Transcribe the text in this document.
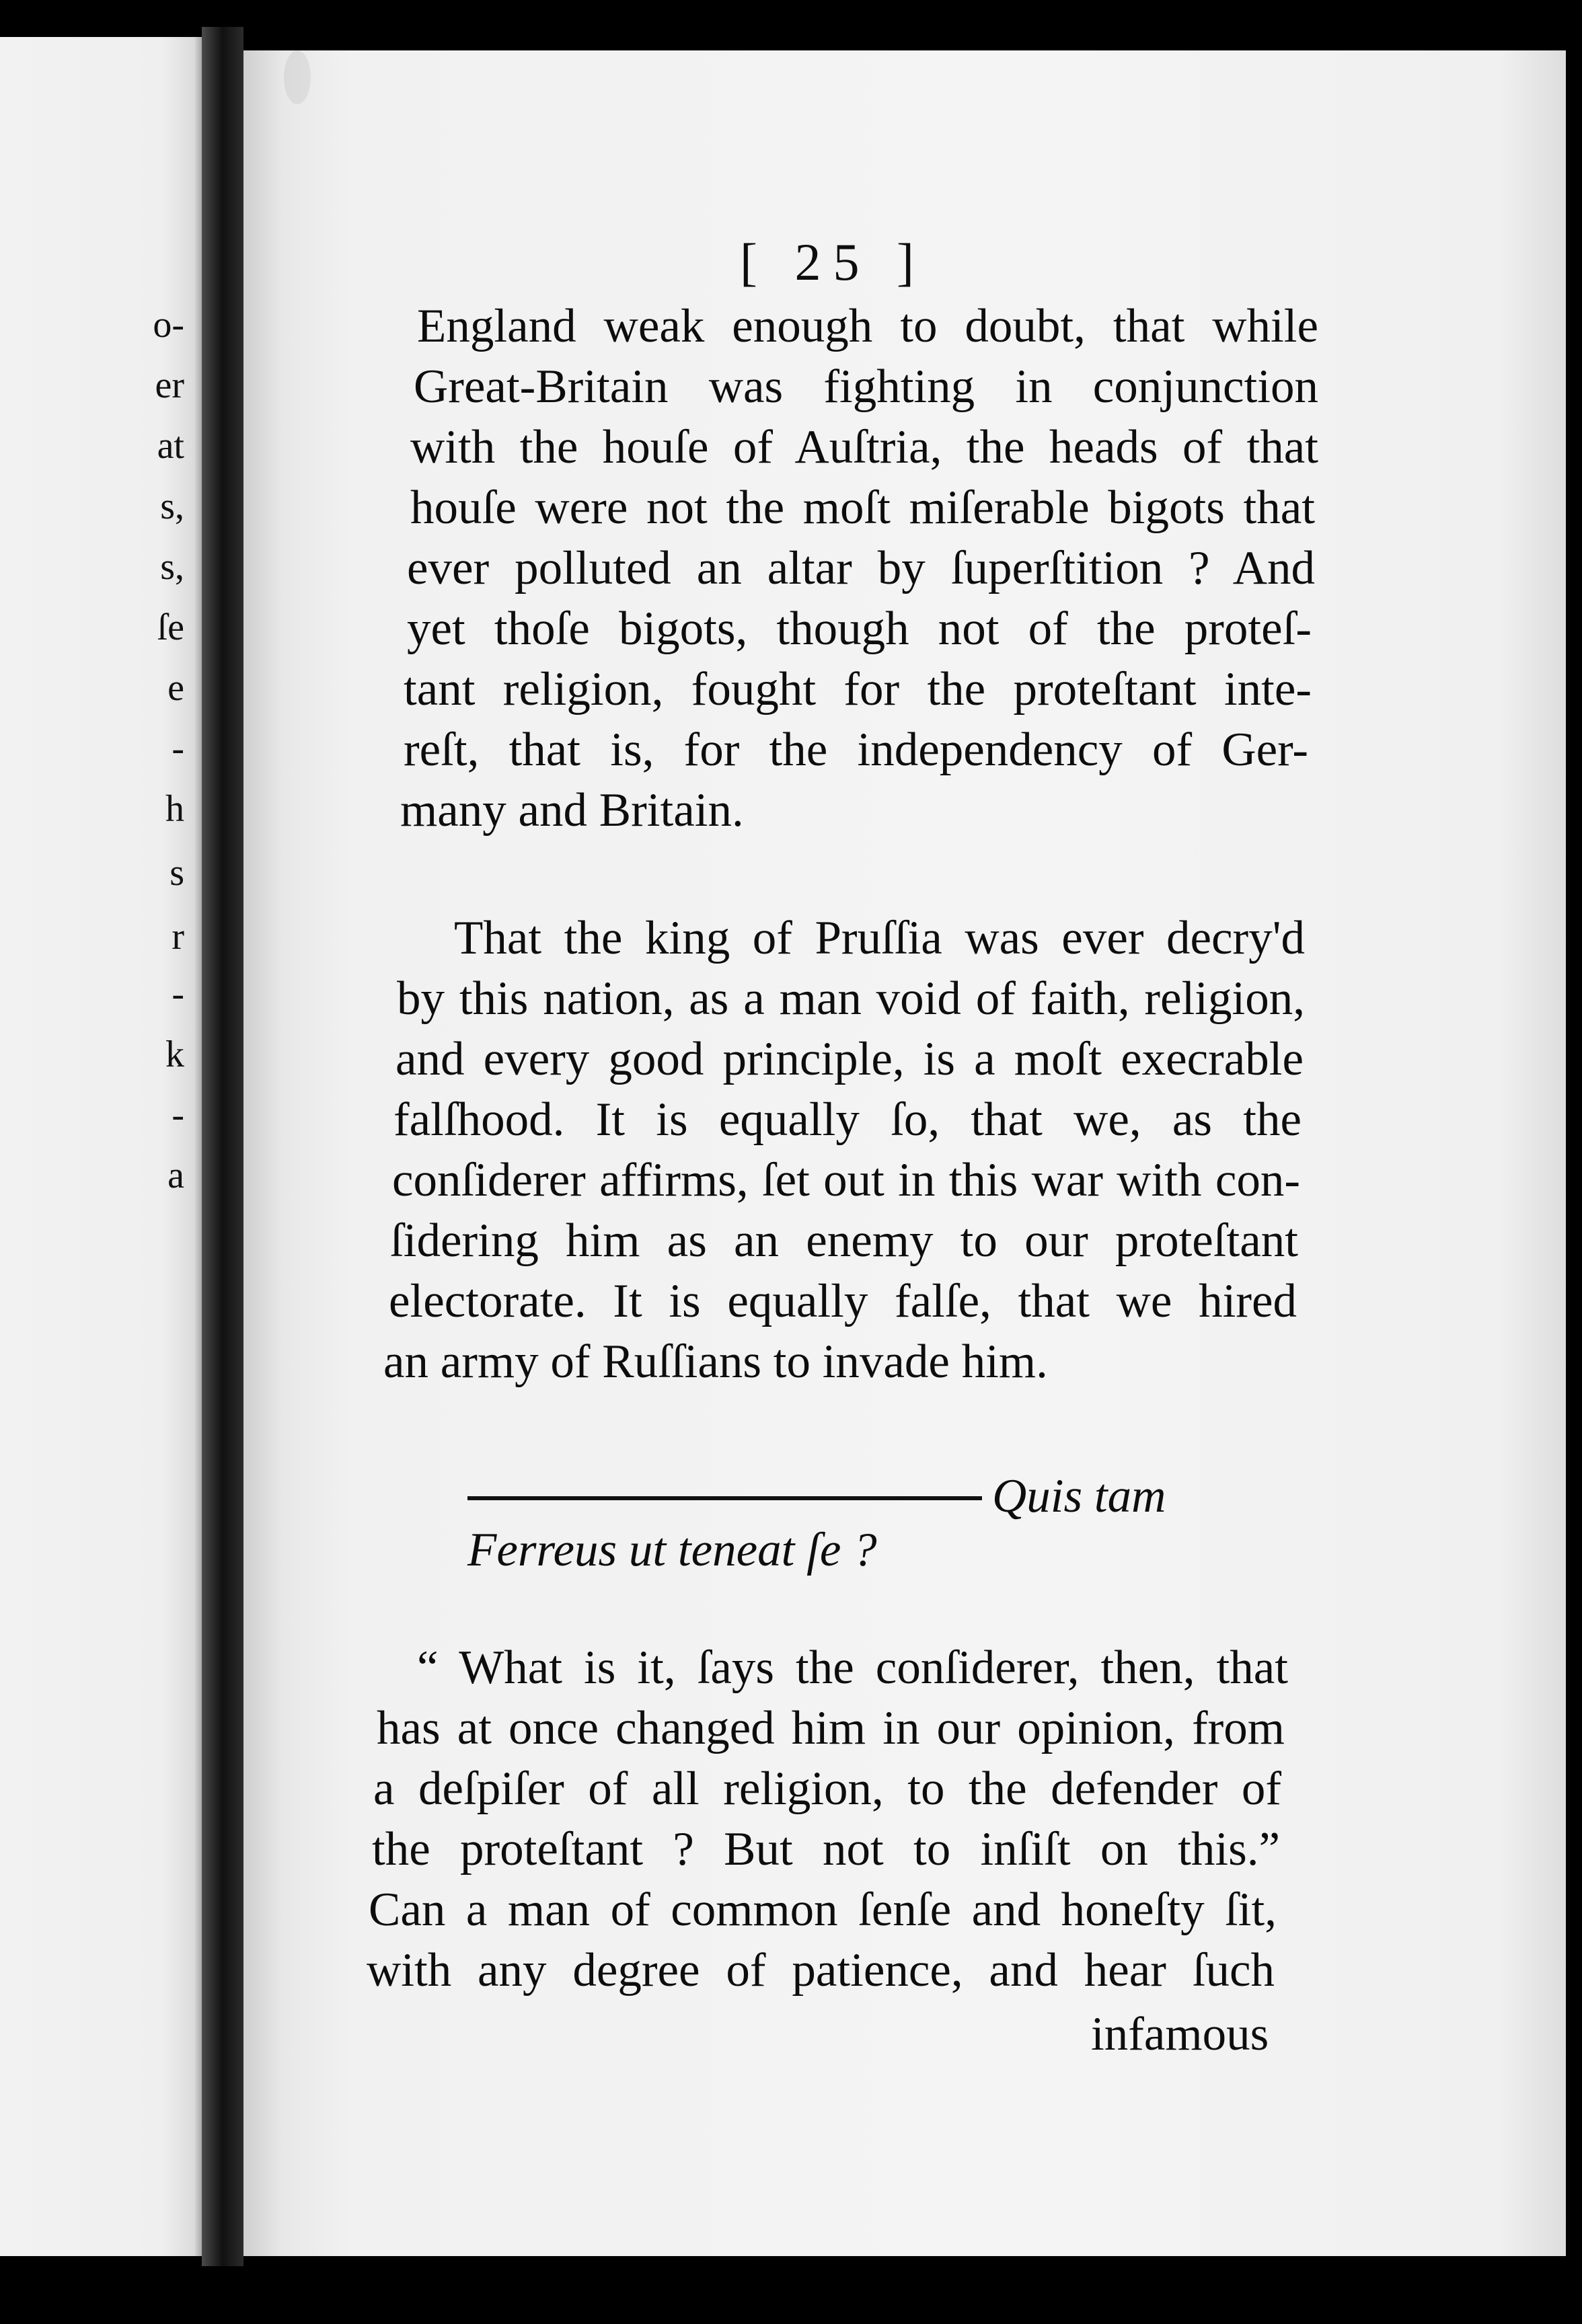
o-
er
at
s,
s,
ſe
e
-
h
s
r
-
k
-
a
[ 25 ]
England weak enough to doubt, that while
Great-Britain was fighting in conjunction
with the houſe of Auſtria, the heads of that
houſe were not the moſt miſerable bigots that
ever polluted an altar by ſuperſtition ? And
yet thoſe bigots, though not of the proteſ-
tant religion, fought for the proteſtant inte-
reſt, that is, for the independency of Ger-
many and Britain.
That the king of Pruſſia was ever decry'd
by this nation, as a man void of faith, religion,
and every good principle, is a moſt execrable
falſhood. It is equally ſo, that we, as the
conſiderer affirms, ſet out in this war with con-
ſidering him as an enemy to our proteſtant
electorate. It is equally falſe, that we hired
an army of Ruſſians to invade him.
Quis tam
Ferreus ut teneat ſe ?
“ What is it, ſays the conſiderer, then, that
has at once changed him in our opinion, from
a deſpiſer of all religion, to the defender of
the proteſtant ? But not to inſiſt on this.”
Can a man of common ſenſe and honeſty ſit,
with any degree of patience, and hear ſuch
infamous
